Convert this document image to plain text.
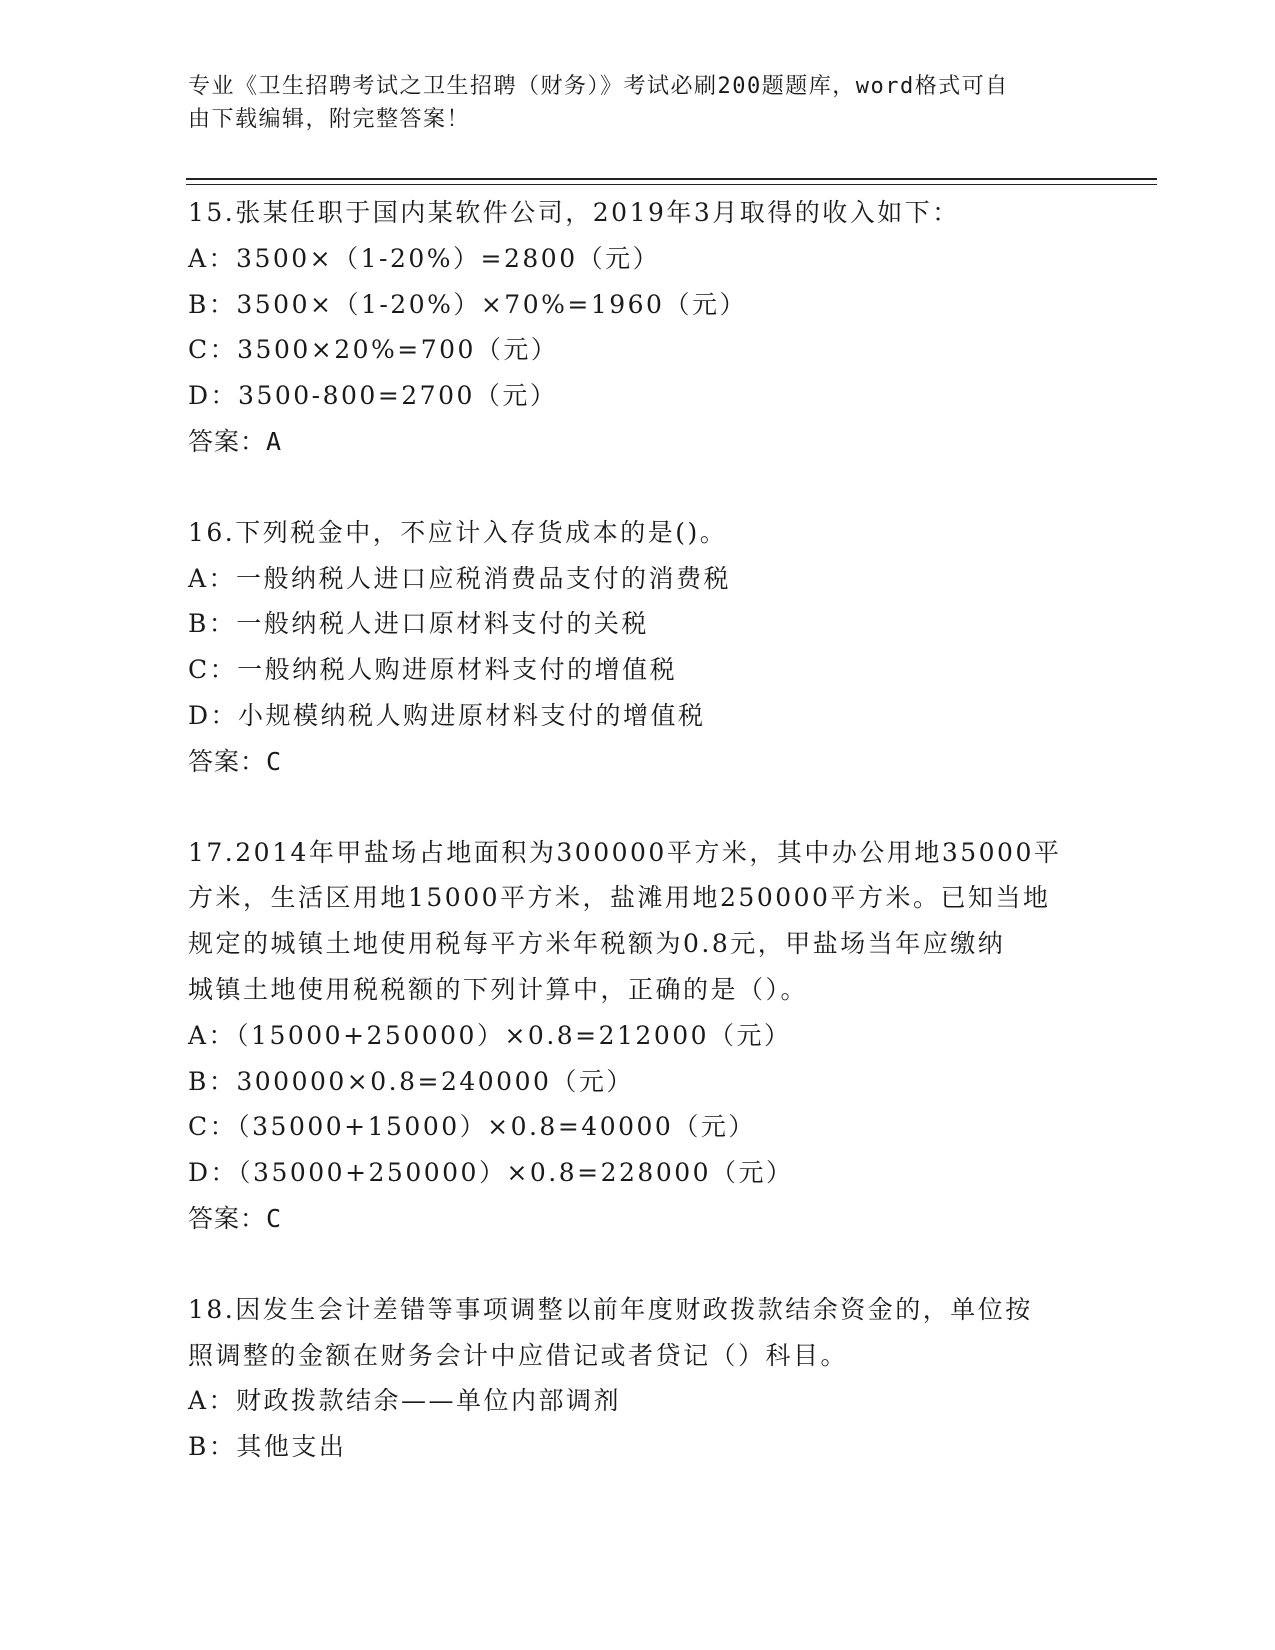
专业《卫生招聘考试之卫生招聘（财务）》考试必刷200题题库，word格式可自
由下载编辑，附完整答案！
15.张某任职于国内某软件公司，2019年3月取得的收入如下：
A：3500×（1-20%）=2800（元）
B：3500×（1-20%）×70%=1960（元）
C：3500×20%=700（元）
D：3500-800=2700（元）
答案：A
16.下列税金中，不应计入存货成本的是()。
A：一般纳税人进口应税消费品支付的消费税
B：一般纳税人进口原材料支付的关税
C：一般纳税人购进原材料支付的增值税
D：小规模纳税人购进原材料支付的增值税
答案：C
17.2014年甲盐场占地面积为300000平方米，其中办公用地35000平
方米，生活区用地15000平方米，盐滩用地250000平方米。已知当地
规定的城镇土地使用税每平方米年税额为0.8元，甲盐场当年应缴纳
城镇土地使用税税额的下列计算中，正确的是（）。
A：（15000+250000）×0.8=212000（元）
B：300000×0.8=240000（元）
C：（35000+15000）×0.8=40000（元）
D：（35000+250000）×0.8=228000（元）
答案：C
18.因发生会计差错等事项调整以前年度财政拨款结余资金的，单位按
照调整的金额在财务会计中应借记或者贷记（）科目。
A：财政拨款结余——单位内部调剂
B：其他支出
